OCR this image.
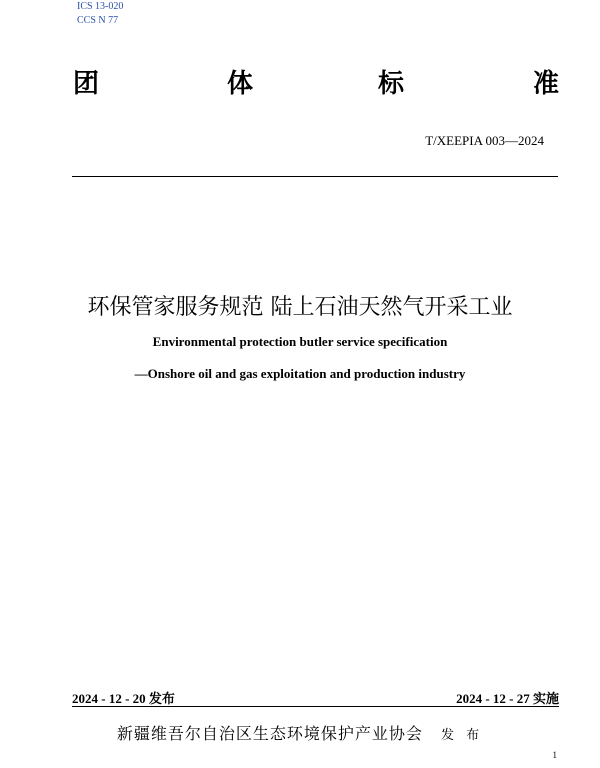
ICS 13-020
CCS N 77
团	体	标	准
T/XEEPIA 003—2024
环保管家服务规范 陆上石油天然气开采工业
Environmental protection butler service specification
—Onshore oil and gas exploitation and production industry
2024 - 12 - 20 发布	2024 - 12 - 27 实施
新疆维吾尔自治区生态环境保护产业协会 发 布
1
